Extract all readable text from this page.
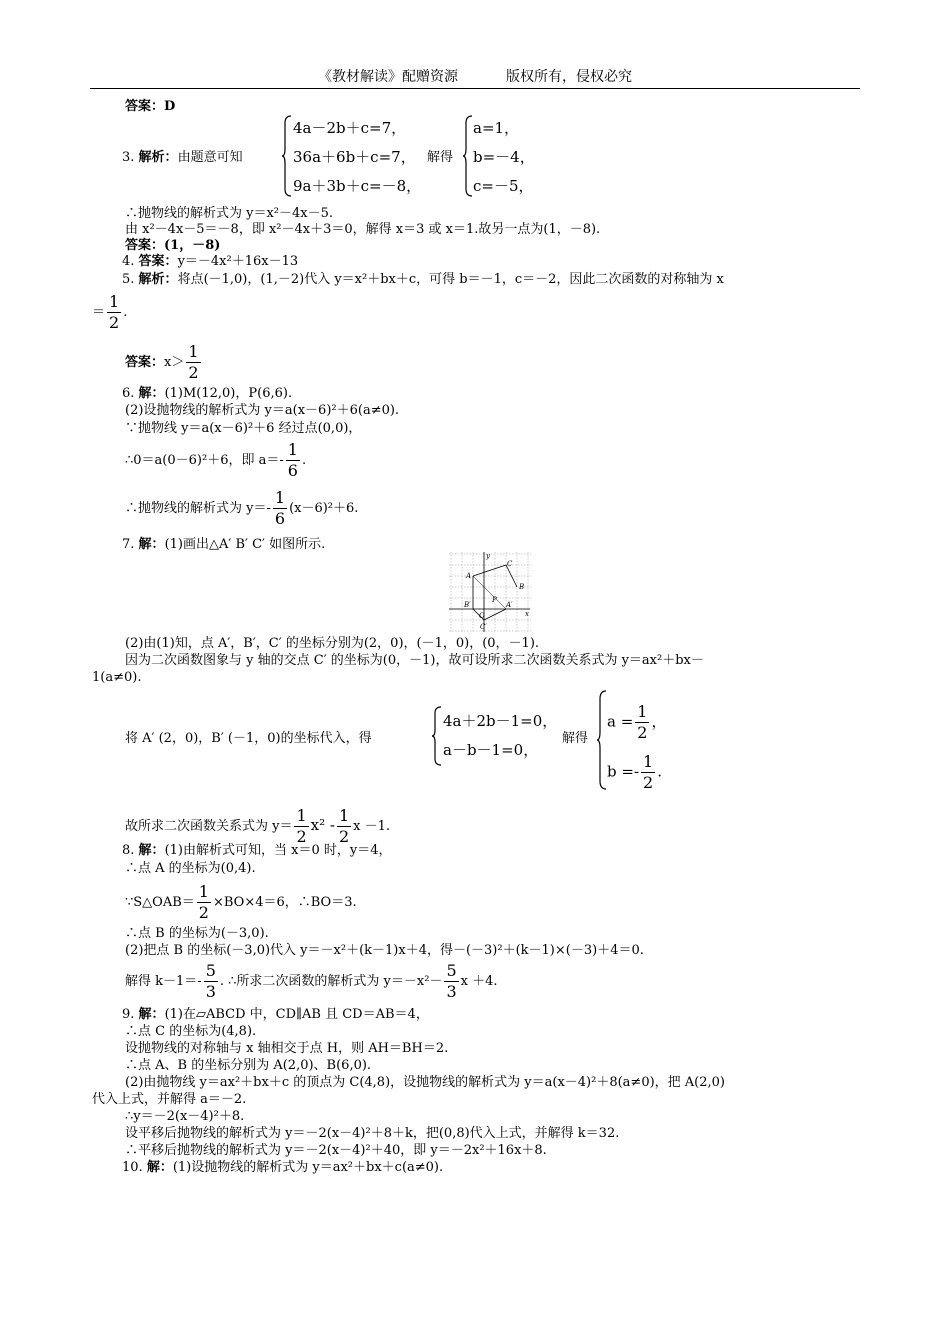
《教材解读》配赠资源	版权所有，侵权必究
答案：D
3. 解析：由题意可知
4a－2b＋c=7，
36a＋6b＋c=7，
9a＋3b＋c=－8，
解得
a=1，
b=－4，
c=－5，
∴抛物线的解析式为 y＝x²－4x－5.
由 x²－4x－5＝－8，即 x²－4x＋3＝0，解得 x＝3 或 x＝1.故另一点为(1，－8).
答案：(1，－8)
4. 答案：y＝－4x²＋16x－13
5. 解析：将点(－1,0)，(1,－2)代入 y＝x²＋bx＋c，可得 b＝－1，c＝－2，因此二次函数的对称轴为 x
＝ $\frac{1}{2}$ .
答案：$x> \frac{1}{2}$
6. 解：(1)M(12,0)，P(6,6).
(2)设抛物线的解析式为 y＝a(x－6)²＋6(a≠0).
∵抛物线 y＝a(x－6)²＋6 经过点(0,0)，
∴0＝a(0－6)²＋6，即 $a=- \frac{1}{6}$ .
∴抛物线的解析式为 $y=- \frac{1}{6} (x-6)^2+6$.
7. 解：(1)画出△A′ B′ C′ 如图所示.
y
A
C
B
P
B′
O
A′
x
C′
(2)由(1)知，点 A′，B′，C′ 的坐标分别为(2，0)，(－1，0)，(0，－1).
因为二次函数图象与 y 轴的交点 C′ 的坐标为(0，－1)，故可设所求二次函数关系式为 y＝ax²＋bx－
1(a≠0).
将 A′ (2，0)，B′ (－1，0)的坐标代入，得
4a＋2b－1=0，
a－b－1=0，
解得
$a = \frac{1}{2}$ ，
$b =- \frac{1}{2}$ .
故所求二次函数关系式为 $y= \frac{1}{2} x^2 - \frac{1}{2}$ x －1.
8. 解：(1)由解析式可知，当 x＝0 时，y＝4，
∴点 A 的坐标为(0,4).
∵S△OAB＝ $\frac{1}{2} \times BO\times 4=6$，∴BO＝3.
∴点 B 的坐标为(－3,0).
(2)把点 B 的坐标(－3,0)代入 y＝－x²＋(k－1)x＋4，得－(－3)²＋(k－1)×(－3)＋4＝0.
解得 $k-1=- \frac{5}{3}$ . ∴所求二次函数的解析式为 $y=-x^2- \frac{5}{3}$ x ＋4.
9. 解：(1)在▱ABCD 中，CD∥AB 且 CD＝AB＝4，
∴点 C 的坐标为(4,8).
设抛物线的对称轴与 x 轴相交于点 H，则 AH＝BH＝2.
∴点 A、B 的坐标分别为 A(2,0)、B(6,0).
(2)由抛物线 y＝ax²＋bx＋c 的顶点为 C(4,8)，设抛物线的解析式为 y＝a(x－4)²＋8(a≠0)，把 A(2,0)
代入上式，并解得 a＝－2.
∴y＝－2(x－4)²＋8.
设平移后抛物线的解析式为 y＝－2(x－4)²＋8＋k，把(0,8)代入上式，并解得 k＝32.
∴平移后抛物线的解析式为 y＝－2(x－4)²＋40，即 y＝－2x²＋16x＋8.
10. 解：(1)设抛物线的解析式为 y＝ax²＋bx＋c(a≠0).
